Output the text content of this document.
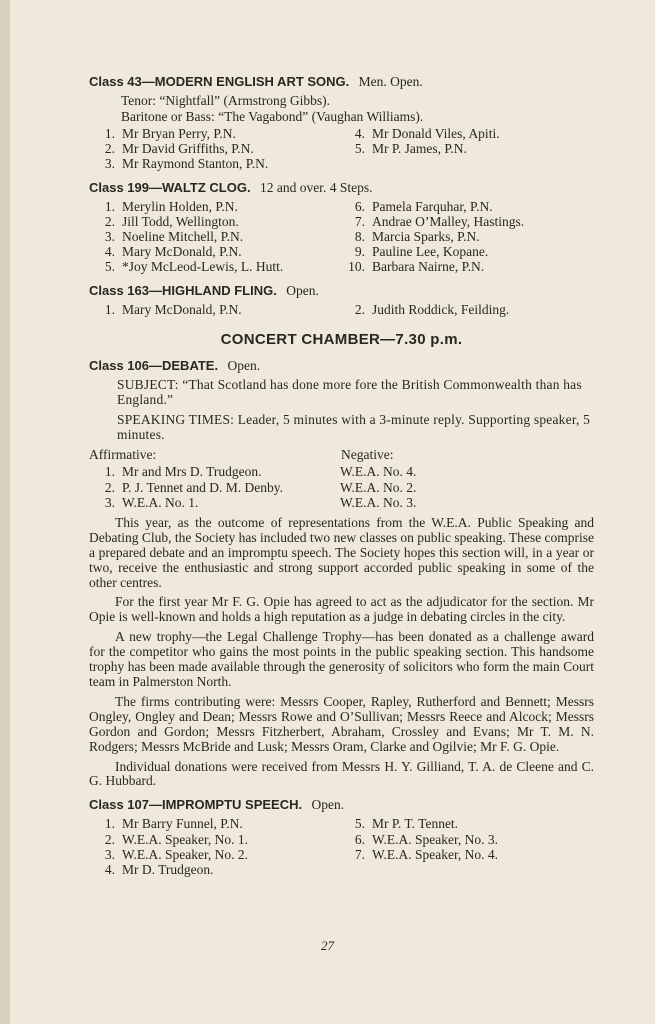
Class 43—MODERN ENGLISH ART SONG. Men. Open.

Tenor: “Nightfall” (Armstrong Gibbs).

Baritone or Bass: “The Vagabond” (Vaughan Williams).

1. Mr Bryan Perry, P.N.	4. Mr Donald Viles, Apiti.
2. Mr David Griffiths, P.N.	5. Mr P. James, P.N.
3. Mr Raymond Stanton, P.N.

Class 199—WALTZ CLOG. 12 and over. 4 Steps.

1. Merylin Holden, P.N.	6. Pamela Farquhar, P.N.
2. Jill Todd, Wellington.	7. Andrae O’Malley, Hastings.
3. Noeline Mitchell, P.N.	8. Marcia Sparks, P.N.
4. Mary McDonald, P.N.	9. Pauline Lee, Kopane.
5. *Joy McLeod-Lewis, L. Hutt.	10. Barbara Nairne, P.N.

Class 163—HIGHLAND FLING. Open.

1. Mary McDonald, P.N.	2. Judith Roddick, Feilding.
CONCERT CHAMBER—7.30 p.m.

Class 106—DEBATE. Open.

SUBJECT: “That Scotland has done more fore the British Commonwealth than has England.”

SPEAKING TIMES: Leader, 5 minutes with a 3-minute reply. Supporting speaker, 5 minutes.

Affirmative:	Negative:
1. Mr and Mrs D. Trudgeon.	W.E.A. No. 4.
2. P. J. Tennet and D. M. Denby.	W.E.A. No. 2.
3. W.E.A. No. 1.	W.E.A. No. 3.

This year, as the outcome of representations from the W.E.A. Public Speaking and Debating Club, the Society has included two new classes on public speaking. These comprise a prepared debate and an impromptu speech. The Society hopes this section will, in a year or two, receive the enthusiastic and strong support accorded public speaking in some of the other centres.

For the first year Mr F. G. Opie has agreed to act as the adjudicator for the section. Mr Opie is well-known and holds a high reputation as a judge in debating circles in the city.

A new trophy—the Legal Challenge Trophy—has been donated as a challenge award for the competitor who gains the most points in the public speaking section. This handsome trophy has been made available through the generosity of solicitors who form the main Court team in Palmerston North.

The firms contributing were: Messrs Cooper, Rapley, Rutherford and Bennett; Messrs Ongley, Ongley and Dean; Messrs Rowe and O’Sullivan; Messrs Reece and Alcock; Messrs Gordon and Gordon; Messrs Fitzherbert, Abraham, Crossley and Evans; Mr T. M. N. Rodgers; Messrs McBride and Lusk; Messrs Oram, Clarke and Ogilvie; Mr F. G. Opie.

Individual donations were received from Messrs H. Y. Gilliand, T. A. de Cleene and C. G. Hubbard.

Class 107—IMPROMPTU SPEECH. Open.

1. Mr Barry Funnel, P.N.	5. Mr P. T. Tennet.
2. W.E.A. Speaker, No. 1.	6. W.E.A. Speaker, No. 3.
3. W.E.A. Speaker, No. 2.	7. W.E.A. Speaker, No. 4.
4. Mr D. Trudgeon.
27
